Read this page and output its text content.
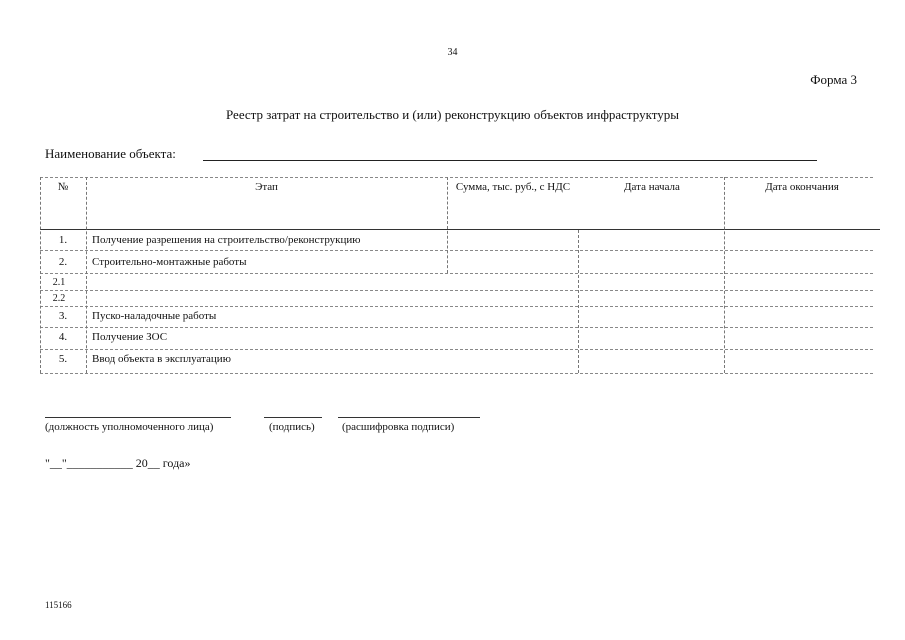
34
Форма 3
Реестр затрат на строительство и (или) реконструкцию объектов инфраструктуры
Наименование объекта:
№	Этап	Сумма, тыс. руб., с НДС	Дата начала	Дата окончания
1.	Получение разрешения на строительство/реконструкцию
2.	Строительно-монтажные работы
2.1
2.2
3.	Пуско-наладочные работы
4.	Получение ЗОС
5.	Ввод объекта в эксплуатацию
(должность уполномоченного лица)	(подпись) (расшифровка подписи)
"__"___________ 20__ года»
115166
